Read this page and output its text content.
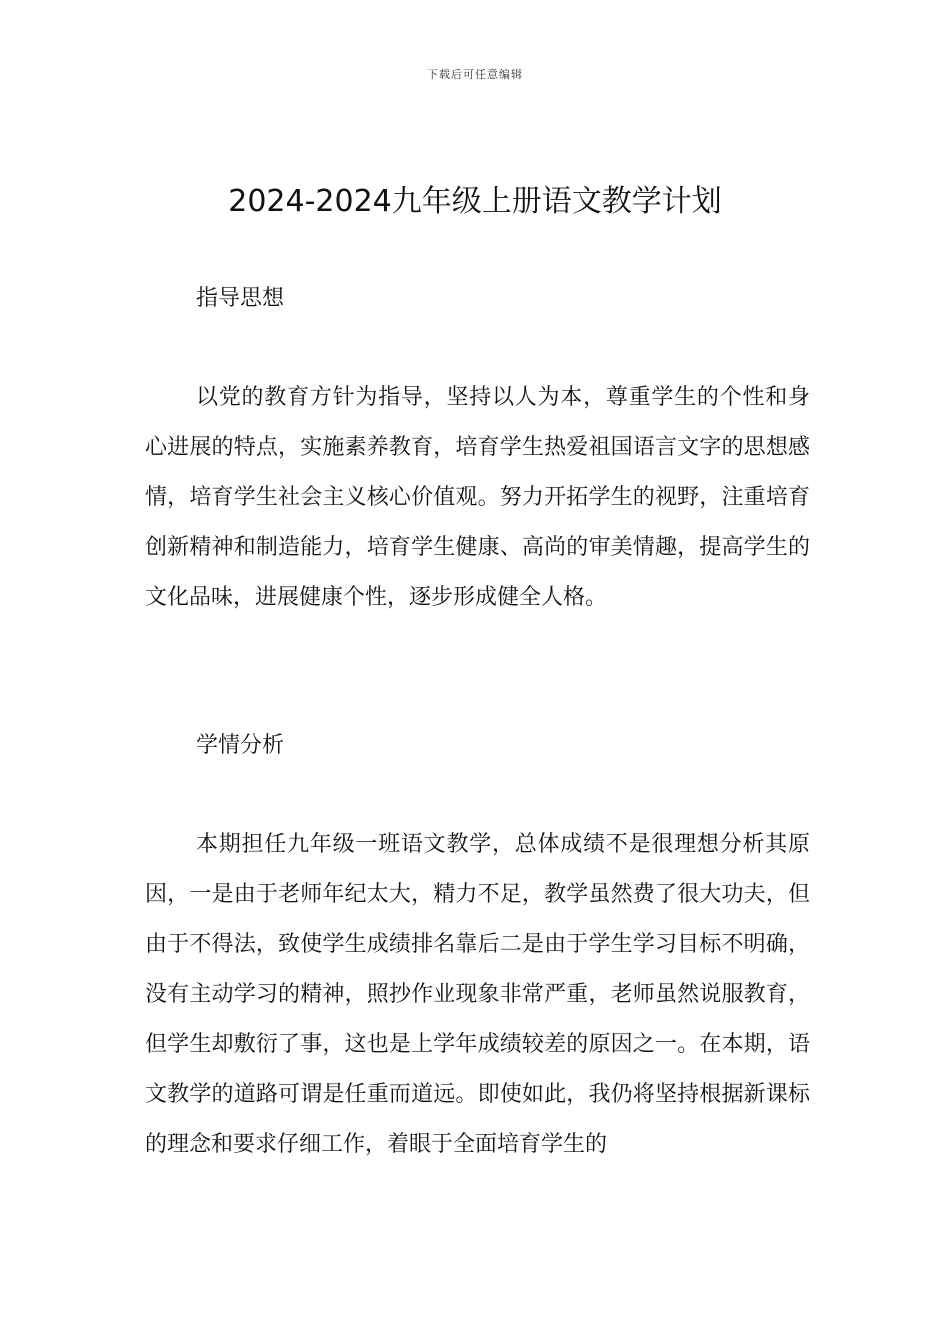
下载后可任意编辑
2024-2024九年级上册语文教学计划
指导思想

以党的教育方针为指导，坚持以人为本，尊重学生的个性和身心进展的特点，实施素养教育，培育学生热爱祖国语言文字的思想感情，培育学生社会主义核心价值观。努力开拓学生的视野，注重培育创新精神和制造能力，培育学生健康、高尚的审美情趣，提高学生的文化品味，进展健康个性，逐步形成健全人格。

学情分析

本期担任九年级一班语文教学，总体成绩不是很理想分析其原因，一是由于老师年纪太大，精力不足，教学虽然费了很大功夫，但由于不得法，致使学生成绩排名靠后二是由于学生学习目标不明确，没有主动学习的精神，照抄作业现象非常严重，老师虽然说服教育，但学生却敷衍了事，这也是上学年成绩较差的原因之一。在本期，语文教学的道路可谓是任重而道远。即使如此，我仍将坚持根据新课标的理念和要求仔细工作，着眼于全面培育学生的
